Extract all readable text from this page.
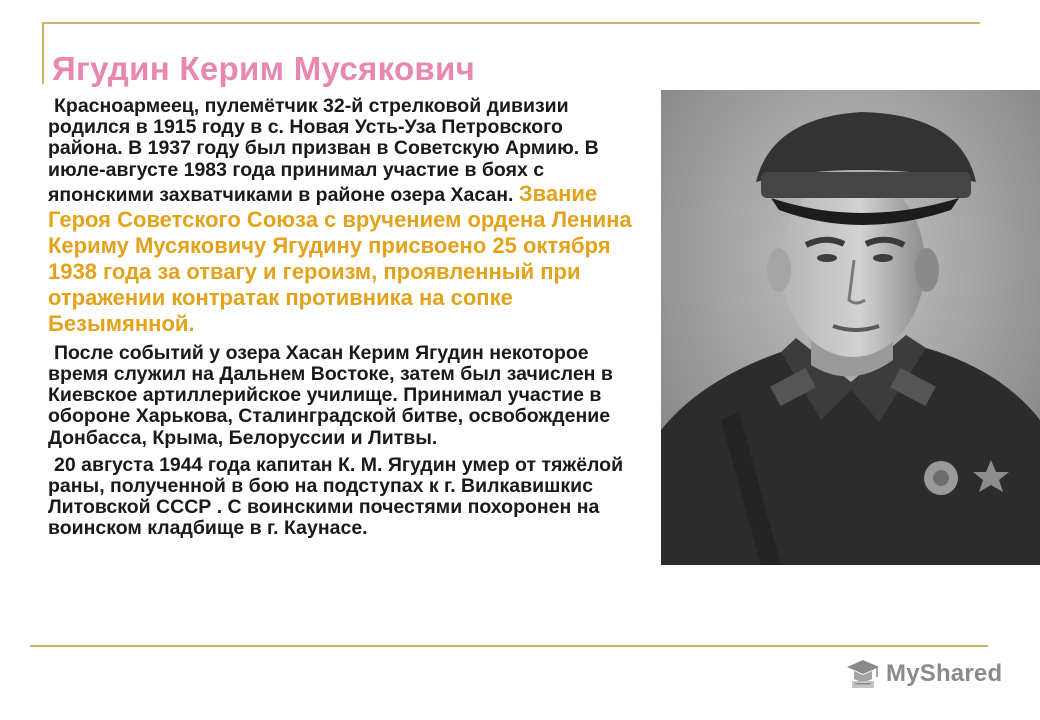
Ягудин Керим Мусякович

Красноармеец, пулемётчик 32-й стрелковой дивизии родился в 1915 году в с. Новая Усть-Уза Петровского района. В 1937 году был призван в Советскую Армию. В июле-августе 1983 года принимал участие в боях с японскими захватчиками в районе озера Хасан. Звание Героя Советского Союза с вручением ордена Ленина Кериму Мусяковичу Ягудину присвоено 25 октября 1938 года за отвагу и героизм, проявленный при отражении контратак противника на сопке Безымянной.

После событий у озера Хасан Керим Ягудин некоторое время служил на Дальнем Востоке, затем был зачислен в Киевское артиллерийское училище. Принимал участие в обороне Харькова, Сталинградской битве, освобождение Донбасса, Крыма, Белоруссии и Литвы.

20 августа 1944 года капитан К. М. Ягудин умер от тяжёлой раны, полученной в бою на подступах к г. Вилкавишкис Литовской СССР . С воинскими почестями похоронен на воинском кладбище в г. Каунасе.

MyShared
